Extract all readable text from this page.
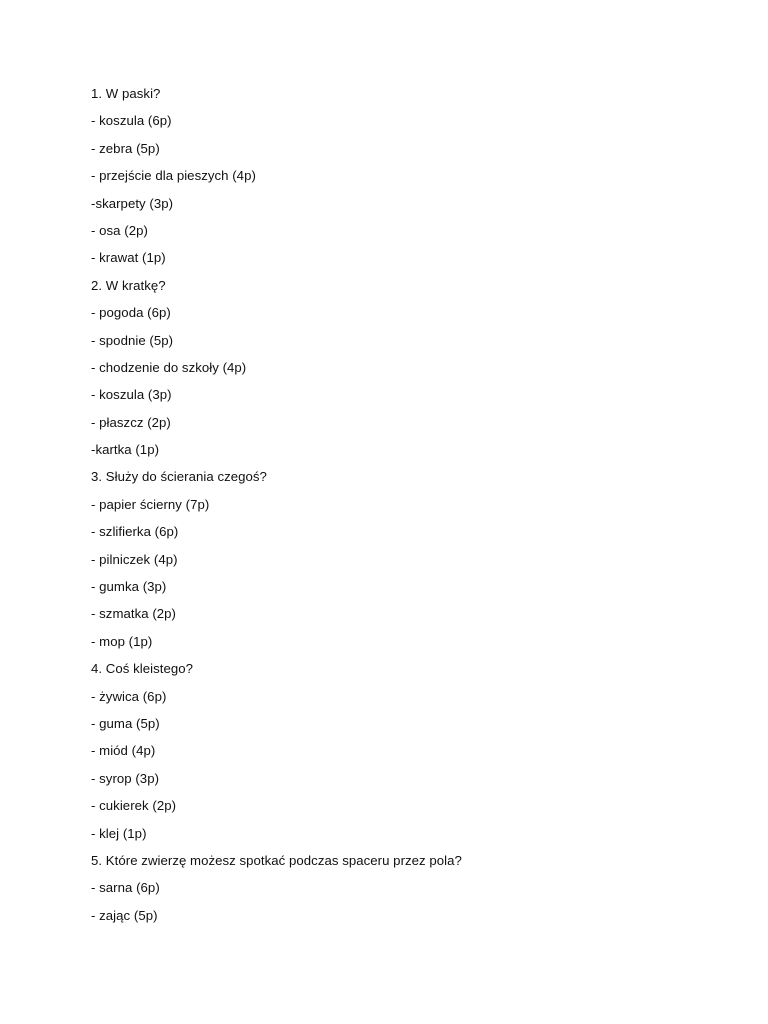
1. W paski?
- koszula (6p)
- zebra (5p)
- przejście dla pieszych (4p)
-skarpety (3p)
- osa (2p)
- krawat (1p)
2. W kratkę?
- pogoda (6p)
- spodnie (5p)
- chodzenie do szkoły (4p)
- koszula (3p)
- płaszcz (2p)
-kartka (1p)
3. Służy do ścierania czegoś?
- papier ścierny (7p)
- szlifierka (6p)
- pilniczek (4p)
- gumka (3p)
- szmatka (2p)
- mop (1p)
4. Coś kleistego?
- żywica (6p)
- guma (5p)
- miód (4p)
- syrop (3p)
- cukierek (2p)
- klej (1p)
5. Które zwierzę możesz spotkać podczas spaceru przez pola?
- sarna (6p)
- zając (5p)
